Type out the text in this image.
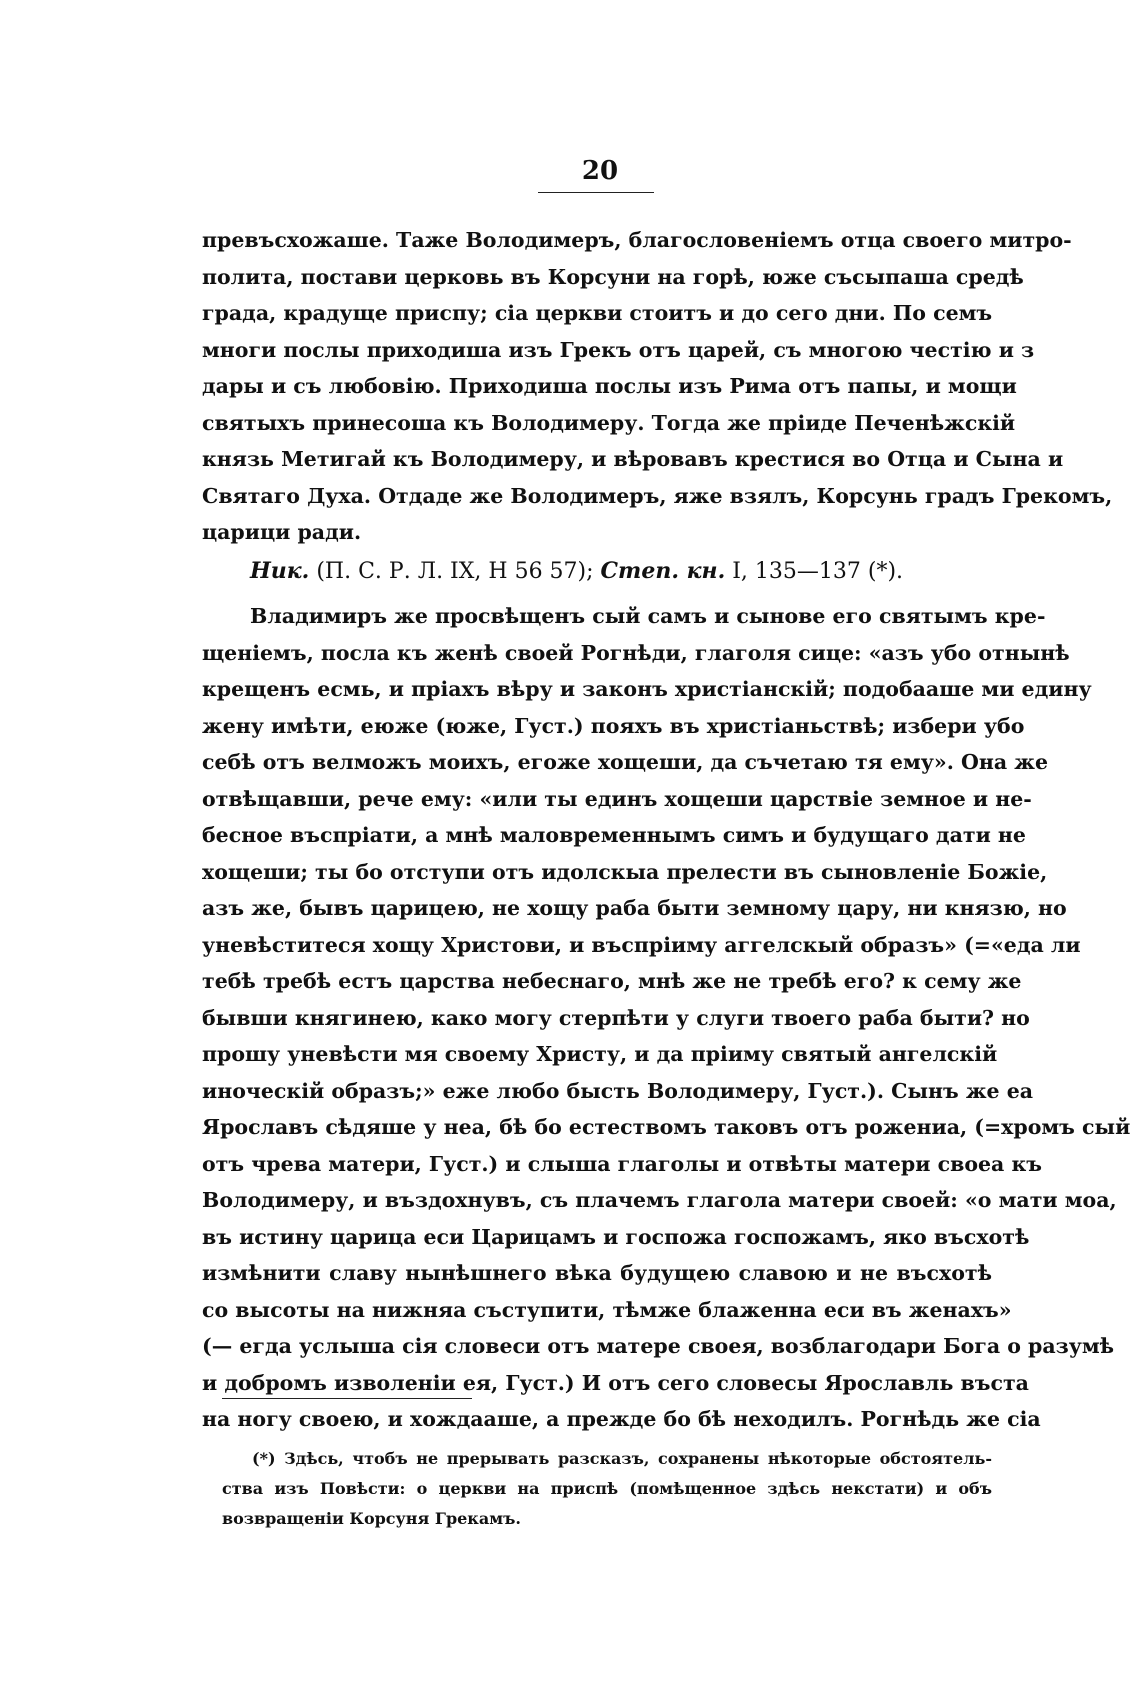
20

превъсхожаше. Таже Володимеръ, благословеніемъ отца своего митро-
полита, постави церковь въ Корсуни на горѣ, юже съсыпаша средѣ
града, крадуще приспу; сіа церкви стоитъ и до сего дни. По семъ
многи послы приходиша изъ Грекъ отъ царей, съ многою честію и з
дары и съ любовію. Приходиша послы изъ Рима отъ папы, и мощи
святыхъ принесоша къ Володимеру. Тогда же пріиде Печенѣжскій
князь Метигай къ Володимеру, и вѣровавъ крестися во Отца и Сына и
Святаго Духа. Отдаде же Володимеръ, яже взялъ, Корсунь градъ Грекомъ,
царици ради.

Ник. (П. С. Р. Л. IX, Н 56 57); Степ. кн. I, 135—137 (*).

Владимиръ же просвѣщенъ сый самъ и сынове его святымъ кре-
щеніемъ, посла къ женѣ своей Рогнѣди, глаголя сице: «азъ убо отнынѣ
крещенъ есмь, и пріахъ вѣру и законъ христіанскій; подобааше ми едину
жену имѣти, еюже (юже, Густ.) пояхъ въ христіаньствѣ; избери убо
себѣ отъ велможъ моихъ, егоже хощеши, да съчетаю тя ему». Она же
отвѣщавши, рече ему: «или ты единъ хощеши царствіе земное и не-
бесное въспріати, а мнѣ маловременнымъ симъ и будущаго дати не
хощеши; ты бо отступи отъ идолскыа прелести въ сыновленіе Божіе,
азъ же, бывъ царицею, не хощу раба быти земному цару, ни князю, но
уневѣститеся хощу Христови, и въспріиму аггелскый образъ» (=«еда ли
тебѣ требѣ естъ царства небеснаго, мнѣ же не требѣ его? к сему же
бывши княгинею, како могу стерпѣти у слуги твоего раба быти? но
прошу уневѣсти мя своему Христу, и да пріиму святый ангелскій
иноческій образъ;» еже любо бысть Володимеру, Густ.). Сынъ же еа
Ярославъ сѣдяше у неа, бѣ бо естествомъ таковъ отъ рожениа, (=хромъ сый
отъ чрева матери, Густ.) и слыша глаголы и отвѣты матери своеа къ
Володимеру, и въздохнувъ, съ плачемъ глагола матери своей: «о мати моа,
въ истину царица еси Царицамъ и госпожа госпожамъ, яко въсхотѣ
измѣнити славу нынѣшнего вѣка будущею славою и не въсхотѣ
со высоты на нижняа съступити, тѣмже блаженна еси въ женахъ»
(— егда услыша сія словеси отъ матере своея, возблагодари Бога о разумѣ
и добромъ изволеніи ея, Густ.) И отъ сего словесы Ярославль въста
на ногу своею, и хождааше, а прежде бо бѣ неходилъ. Рогнѣдь же сіа

(*) Здѣсь, чтобъ не прерывать разсказъ, сохранены нѣкоторые обстоятель-
ства изъ Повѣсти: о церкви на приспѣ (помѣщенное здѣсь некстати) и объ
возвращеніи Корсуня Грекамъ.
